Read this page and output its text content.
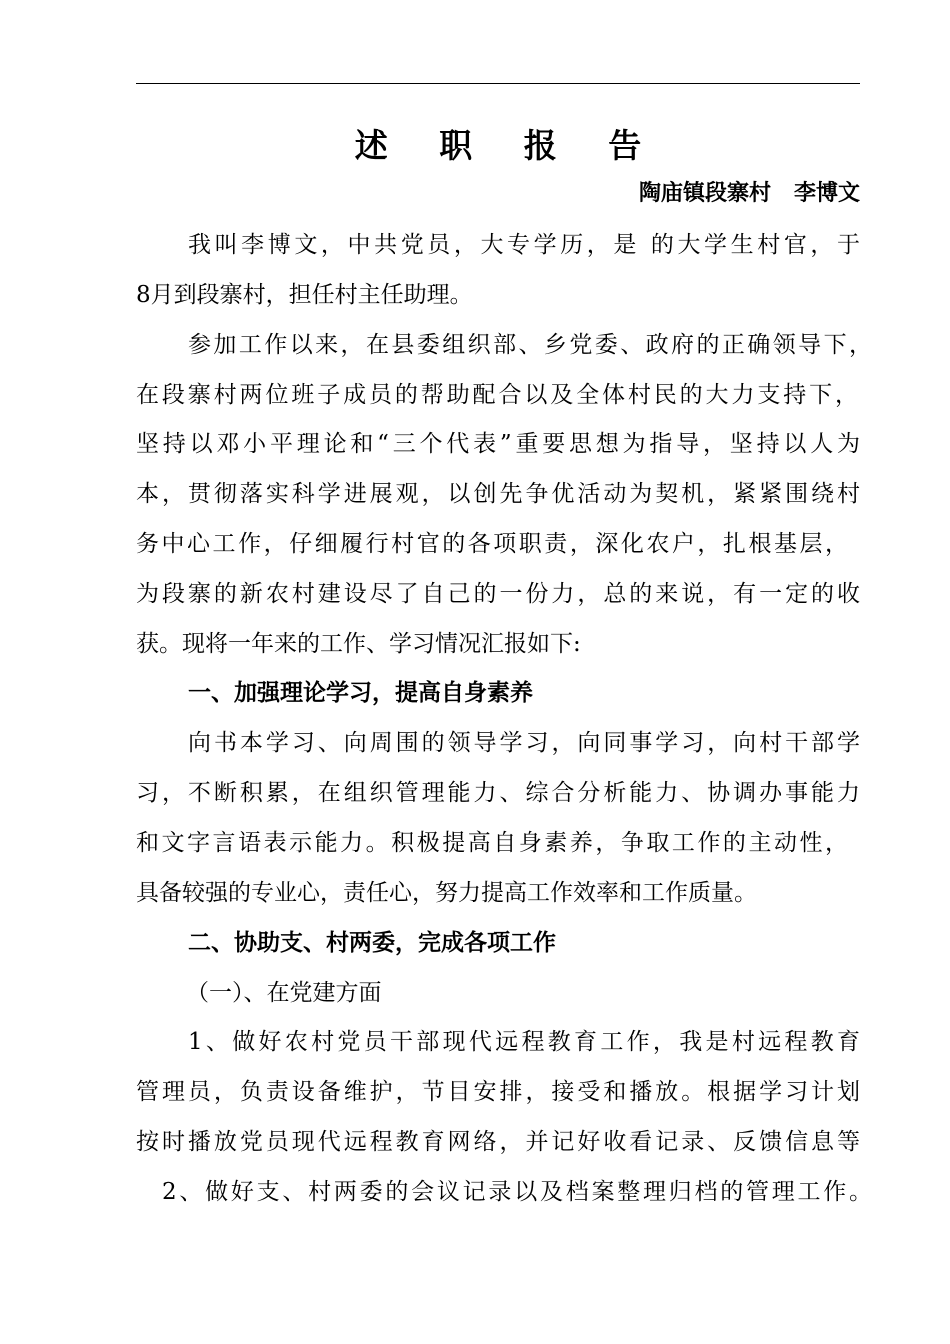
述 职 报 告
陶庙镇段寨村   李博文
我叫李博文，中共党员，大专学历，是 的大学生村官，于
8月到段寨村，担任村主任助理。
参加工作以来，在县委组织部、乡党委、政府的正确领导下，
在段寨村两位班子成员的帮助配合以及全体村民的大力支持下，
坚持以邓小平理论和“三个代表”重要思想为指导，坚持以人为
本，贯彻落实科学进展观，以创先争优活动为契机，紧紧围绕村
务中心工作，仔细履行村官的各项职责，深化农户，扎根基层，
为段寨的新农村建设尽了自己的一份力，总的来说，有一定的收
获。现将一年来的工作、学习情况汇报如下:
一、加强理论学习，提高自身素养
向书本学习、向周围的领导学习，向同事学习，向村干部学
习，不断积累，在组织管理能力、综合分析能力、协调办事能力
和文字言语表示能力。积极提高自身素养，争取工作的主动性，
具备较强的专业心，责任心，努力提高工作效率和工作质量。
二、协助支、村两委，完成各项工作
（一）、在党建方面
1、做好农村党员干部现代远程教育工作，我是村远程教育
管理员，负责设备维护，节目安排，接受和播放。根据学习计划
按时播放党员现代远程教育网络，并记好收看记录、反馈信息等
2、做好支、村两委的会议记录以及档案整理归档的管理工作。
